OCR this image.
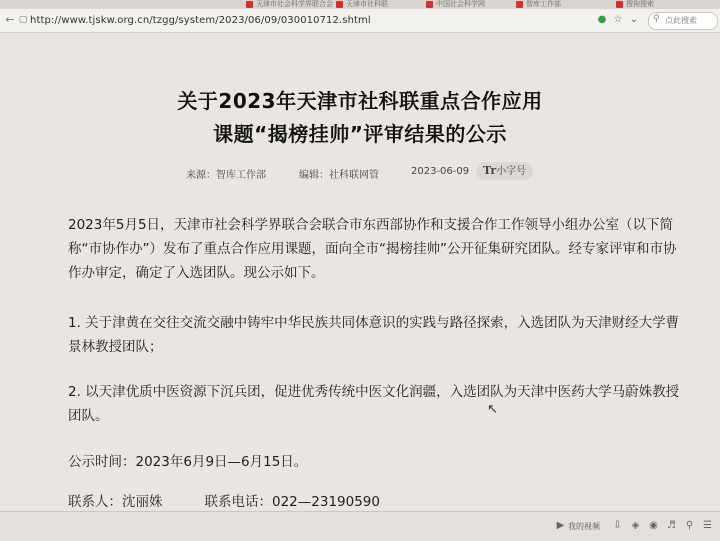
天津市社会科学界联合会	天津市社科联	中国社会科学网	智库工作部	搜狗搜索
← ▢ http://www.tjskw.org.cn/tzgg/system/2023/06/09/030010712.shtml	● ☆ ⌄ ⚲ 点此搜索
关于2023年天津市社科联重点合作应用
课题“揭榜挂帅”评审结果的公示
来源：智库工作部	编辑：社科联网管	2023-06-09	Tr小字号
2023年5月5日，天津市社会科学界联合会联合市东西部协作和支援合作工作领导小组办公室（以下简称“市协作办”）发布了重点合作应用课题，面向全市“揭榜挂帅”公开征集研究团队。经专家评审和市协作办审定，确定了入选团队。现公示如下。
1. 关于津黄在交往交流交融中铸牢中华民族共同体意识的实践与路径探索，入选团队为天津财经大学曹景林教授团队；
2. 以天津优质中医资源下沉兵团，促进优秀传统中医文化润疆，入选团队为天津中医药大学马蔚姝教授团队。
公示时间：2023年6月9日—6月15日。
联系人：沈丽姝	联系电话：022—23190590
↖
▶ 我的视频 ⇩ ◈ ◉ ♬ ⚲ ☰
